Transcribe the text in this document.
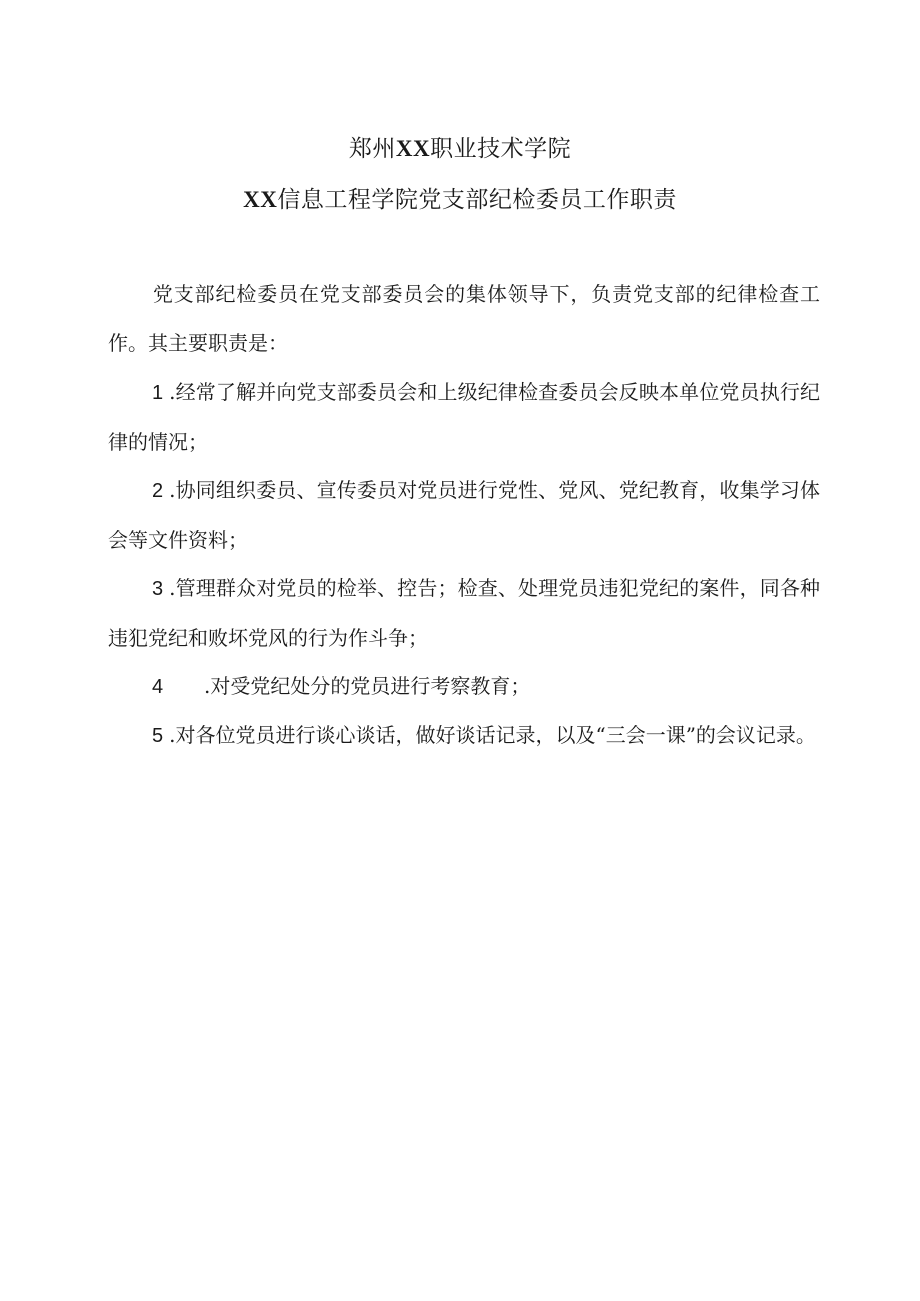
郑州XX职业技术学院
XX信息工程学院党支部纪检委员工作职责
党支部纪检委员在党支部委员会的集体领导下，负责党支部的纪律检查工作。其主要职责是：
1 .经常了解并向党支部委员会和上级纪律检查委员会反映本单位党员执行纪律的情况；
2 .协同组织委员、宣传委员对党员进行党性、党风、党纪教育，收集学习体会等文件资料；
3 .管理群众对党员的检举、控告；检查、处理党员违犯党纪的案件，同各种违犯党纪和败坏党风的行为作斗争；
4 .对受党纪处分的党员进行考察教育；
5 .对各位党员进行谈心谈话，做好谈话记录，以及“三会一课”的会议记录。
